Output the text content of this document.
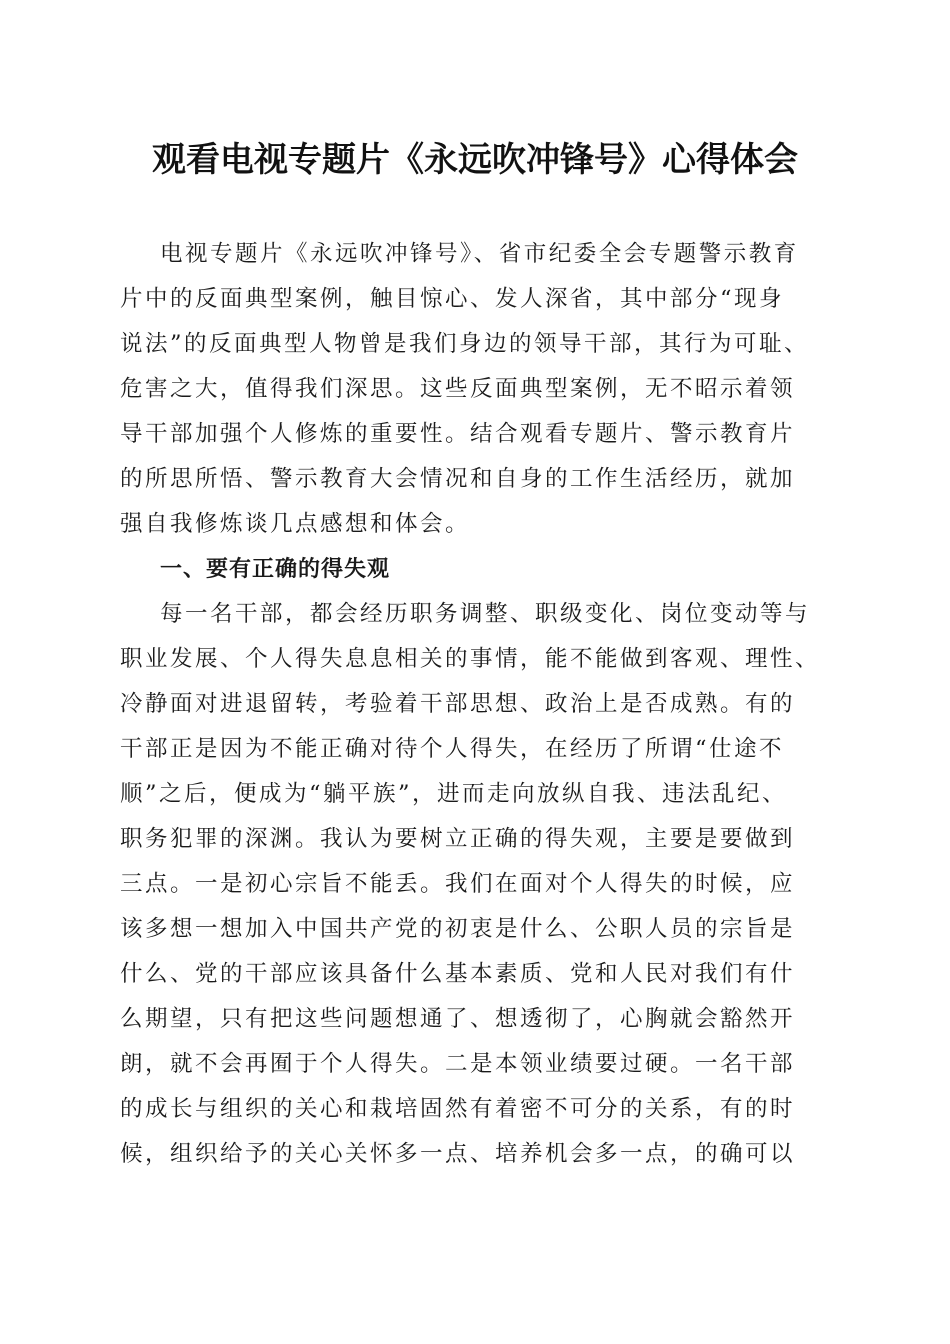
观看电视专题片《永远吹冲锋号》心得体会
电视专题片《永远吹冲锋号》、省市纪委全会专题警示教育
片中的反面典型案例，触目惊心、发人深省，其中部分“现身
说法”的反面典型人物曾是我们身边的领导干部，其行为可耻、
危害之大，值得我们深思。这些反面典型案例，无不昭示着领
导干部加强个人修炼的重要性。结合观看专题片、警示教育片
的所思所悟、警示教育大会情况和自身的工作生活经历，就加
强自我修炼谈几点感想和体会。
一、要有正确的得失观
每一名干部，都会经历职务调整、职级变化、岗位变动等与
职业发展、个人得失息息相关的事情，能不能做到客观、理性、
冷静面对进退留转，考验着干部思想、政治上是否成熟。有的
干部正是因为不能正确对待个人得失，在经历了所谓“仕途不
顺”之后，便成为“躺平族”，进而走向放纵自我、违法乱纪、
职务犯罪的深渊。我认为要树立正确的得失观，主要是要做到
三点。一是初心宗旨不能丢。我们在面对个人得失的时候，应
该多想一想加入中国共产党的初衷是什么、公职人员的宗旨是
什么、党的干部应该具备什么基本素质、党和人民对我们有什
么期望，只有把这些问题想通了、想透彻了，心胸就会豁然开
朗，就不会再囿于个人得失。二是本领业绩要过硬。一名干部
的成长与组织的关心和栽培固然有着密不可分的关系，有的时
候，组织给予的关心关怀多一点、培养机会多一点，的确可以
